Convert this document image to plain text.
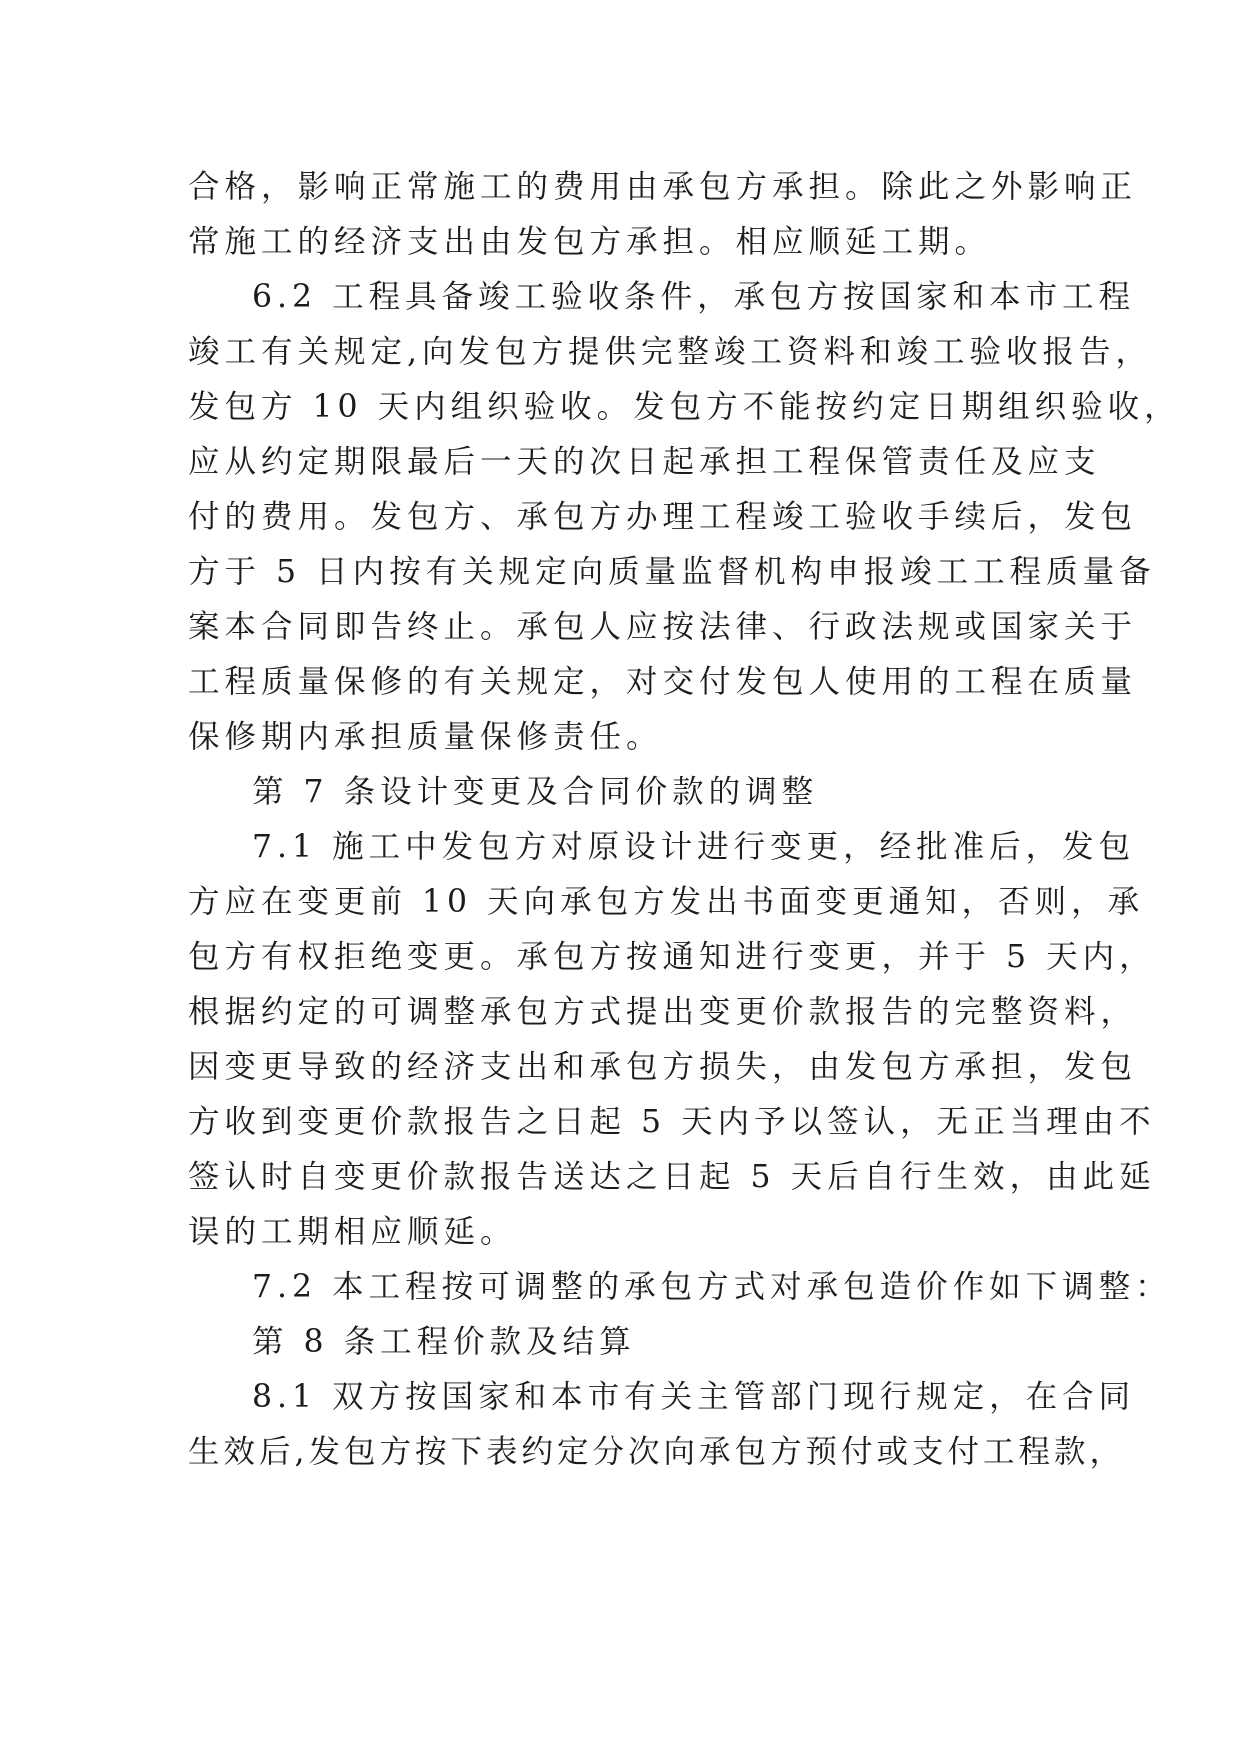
合格，影响正常施工的费用由承包方承担。除此之外影响正
常施工的经济支出由发包方承担。相应顺延工期。
6.2 工程具备竣工验收条件，承包方按国家和本市工程
竣工有关规定,向发包方提供完整竣工资料和竣工验收报告，
发包方 10 天内组织验收。发包方不能按约定日期组织验收，
应从约定期限最后一天的次日起承担工程保管责任及应支
付的费用。发包方、承包方办理工程竣工验收手续后，发包
方于 5 日内按有关规定向质量监督机构申报竣工工程质量备
案本合同即告终止。承包人应按法律、行政法规或国家关于
工程质量保修的有关规定，对交付发包人使用的工程在质量
保修期内承担质量保修责任。
第 7 条设计变更及合同价款的调整
7.1 施工中发包方对原设计进行变更，经批准后，发包
方应在变更前 10 天向承包方发出书面变更通知，否则，承
包方有权拒绝变更。承包方按通知进行变更，并于 5 天内，
根据约定的可调整承包方式提出变更价款报告的完整资料，
因变更导致的经济支出和承包方损失，由发包方承担，发包
方收到变更价款报告之日起 5 天内予以签认，无正当理由不
签认时自变更价款报告送达之日起 5 天后自行生效，由此延
误的工期相应顺延。
7.2 本工程按可调整的承包方式对承包造价作如下调整：
第 8 条工程价款及结算
8.1 双方按国家和本市有关主管部门现行规定，在合同
生效后,发包方按下表约定分次向承包方预付或支付工程款，
